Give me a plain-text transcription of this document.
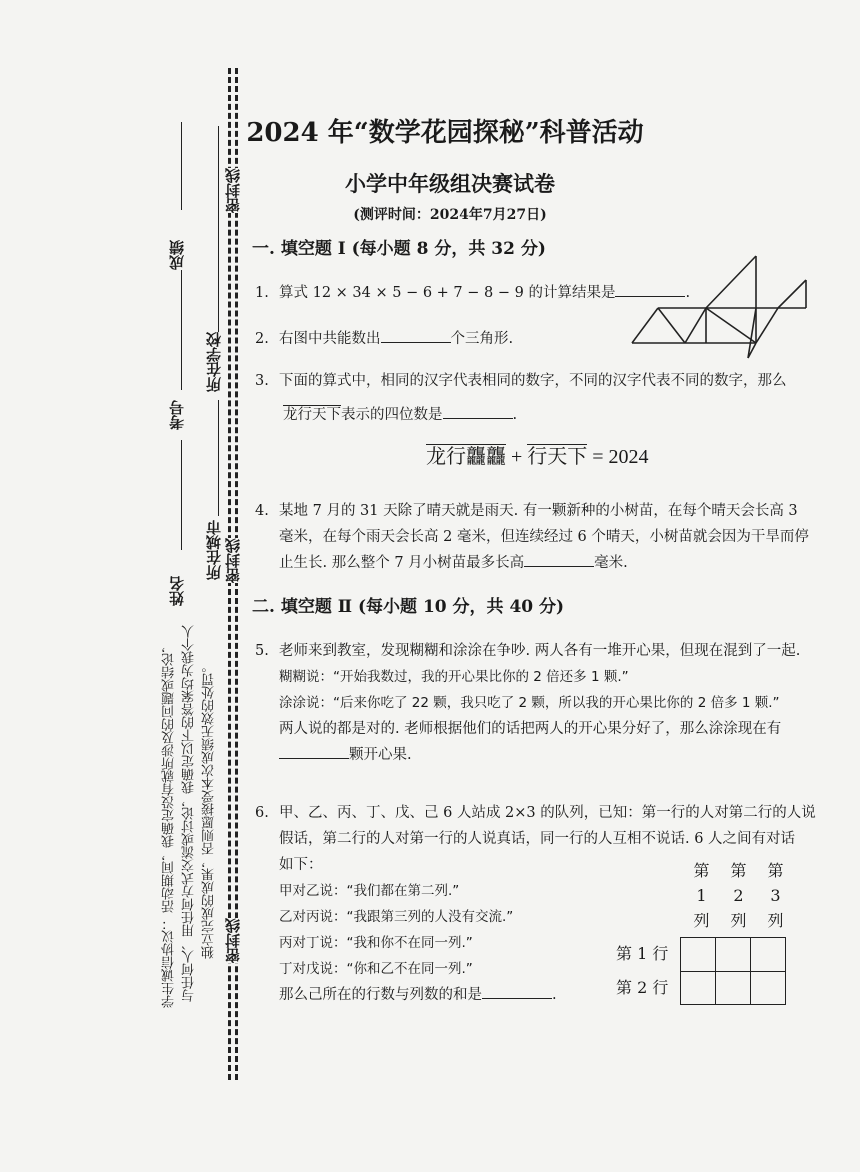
密封线
密封线
密封线
成绩
考号
姓名
所在学校
所在城市
学生诚信协议： 活动期间，我确定没有就所涉及的问题或结论， 与任何人、用任何方式交流或讨论，我确定以下的答案均为我个人 独立完成的成果，否则愿接受本次成绩无效的处罚。
2024 年“数学花园探秘”科普活动
小学中年级组决赛试卷
(测评时间：2024年7月27日)
一. 填空题 Ⅰ (每小题 8 分，共 32 分)
1. 算式 12 × 34 × 5 − 6 + 7 − 8 − 9 的计算结果是	.
2. 右图中共能数出	个三角形.
3. 下面的算式中，相同的汉字代表相同的数字，不同的汉字代表不同的数字，那么
龙行天下表示的四位数是	.
龙行龘龘 + 行天下 = 2024
4. 某地 7 月的 31 天除了晴天就是雨天. 有一颗新种的小树苗，在每个晴天会长高 3
毫米，在每个雨天会长高 2 毫米，但连续经过 6 个晴天，小树苗就会因为干旱而停
止生长. 那么整个 7 月小树苗最多长高	毫米.
二. 填空题 Ⅱ (每小题 10 分，共 40 分)
5. 老师来到教室，发现糊糊和涂涂在争吵. 两人各有一堆开心果，但现在混到了一起.
糊糊说：“开始我数过，我的开心果比你的 2 倍还多 1 颗.”
涂涂说：“后来你吃了 22 颗，我只吃了 2 颗，所以我的开心果比你的 2 倍多 1 颗.”
两人说的都是对的. 老师根据他们的话把两人的开心果分好了，那么涂涂现在有
颗开心果.
6. 甲、乙、丙、丁、戊、己 6 人站成 2×3 的队列，已知：第一行的人对第二行的人说
假话，第二行的人对第一行的人说真话，同一行的人互相不说话. 6 人之间有对话
如下：
甲对乙说：“我们都在第二列.”
乙对丙说：“我跟第三列的人没有交流.”
丙对丁说：“我和你不在同一列.”
丁对戊说：“你和乙不在同一列.”
那么己所在的行数与列数的和是	.
第
1
列
第
2
列
第
3
列
第 1 行
第 2 行
